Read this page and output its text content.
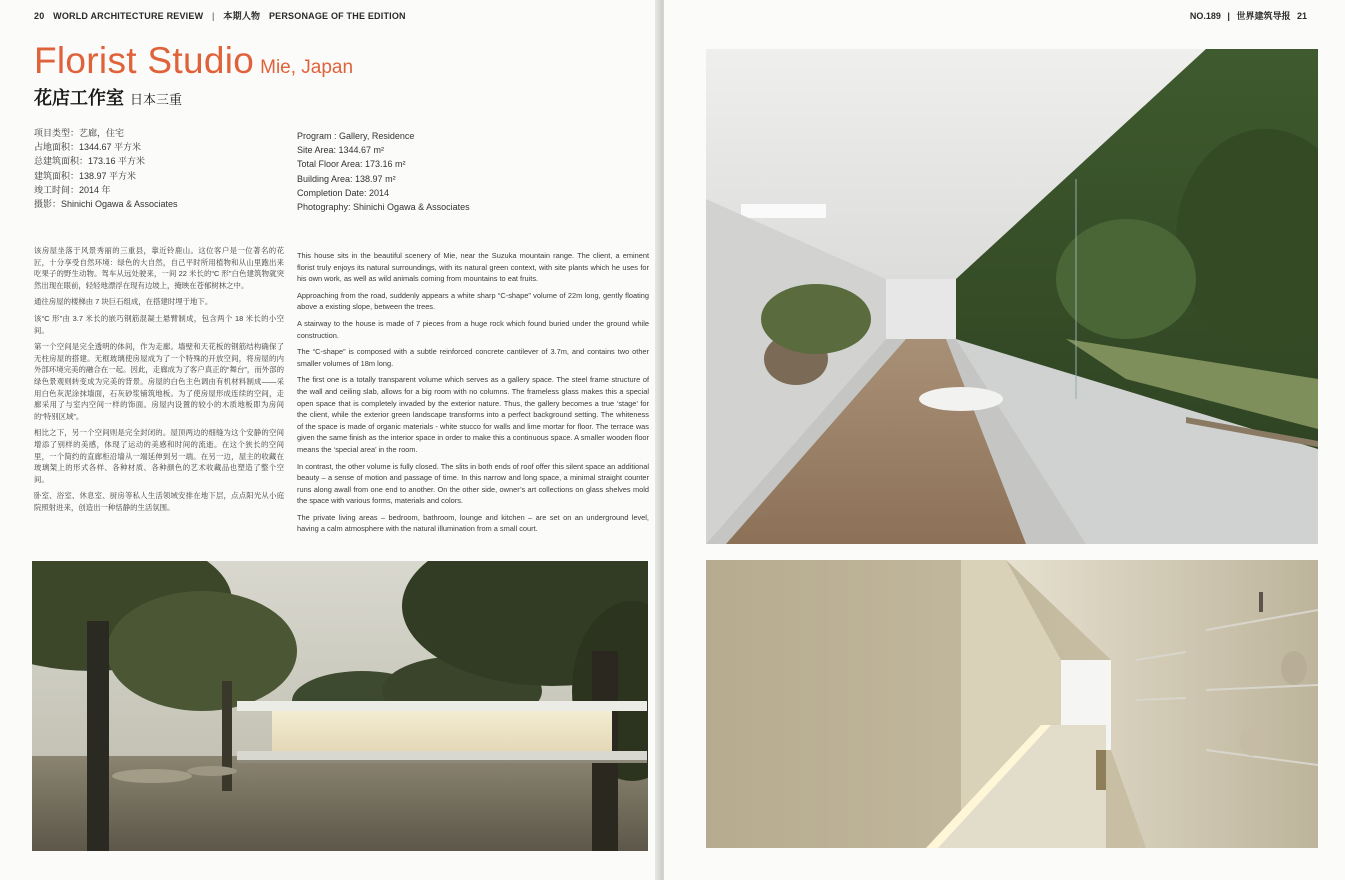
20 WORLD ARCHITECTURE REVIEW | 本期人物 PERSONAGE OF THE EDITION
Florist Studio Mie, Japan
花店工作室 日本三重
项目类型：艺廊，住宅
占地面积：1344.67 平方米
总建筑面积：173.16 平方米
建筑面积：138.97 平方米
竣工时间：2014 年
摄影：Shinichi Ogawa & Associates
Program : Gallery, Residence
Site Area: 1344.67 m²
Total Floor Area: 173.16 m²
Building Area: 138.97 m²
Completion Date: 2014
Photography: Shinichi Ogawa & Associates

该房屋坐落于风景秀丽的三重县，靠近铃鹿山。这位客户是一位著名的花匠，十分享受自然环境：绿色的大自然，自己平时所用植物和从山里跑出来吃果子的野生动物。驾车从远处驶来，一间 22 米长的“C 形”白色建筑物就突然出现在眼前，轻轻地漂浮在现有边坡上，掩映在苍郁树林之中。

通往房屋的楼梯由 7 块巨石组成，在搭建时埋于地下。

该“C 形”由 3.7 米长的嵌巧钢筋混凝土悬臂制成，包含两个 18 米长的小空间。

第一个空间是完全透明的体间，作为走廊。墙壁和天花板的钢筋结构确保了无柱房屋的搭建。无框玻璃使房屋成为了一个特殊的开放空间，将房屋的内外部环境完美的融合在一起。因此，走廊成为了客户真正的“舞台”，而外部的绿色景观则转变成为完美的背景。房屋的白色主色调由有机材料制成——采用白色灰泥涂抹墙面，石灰砂浆铺筑地板。为了使房屋形成连续的空间，走廊采用了与室内空间一样的饰面。房屋内设置的较小的木质地板即为房间的“特别区域”。

相比之下，另一个空间则是完全封闭的。屋顶两边的细缝为这个安静的空间增添了别样的美感，体现了运动的美感和时间的流逝。在这个狭长的空间里，一个简约的直廊柜沿墙从一端延伸到另一端。在另一边，屋主的收藏在玻璃架上的形式各样、各种材质、各种颜色的艺术收藏品也塑造了整个空间。

卧室、浴室、休息室、厨房等私人生活领域安排在地下层，点点阳光从小庭院照射进来，创造出一种恬静的生活氛围。

This house sits in the beautiful scenery of Mie, near the Suzuka mountain range. The client, a eminent florist truly enjoys its natural surroundings, with its natural green context, with site plants which he uses for his own work, as well as wild animals coming from mountains to eat fruits.

Approaching from the road, suddenly appears a white sharp “C-shape” volume of 22m long, gently floating above a existing slope, between the trees.

A stairway to the house is made of 7 pieces from a huge rock which found buried under the ground while construction.

The “C-shape” is composed with a subtle reinforced concrete cantilever of 3.7m, and contains two other smaller volumes of 18m long.

The first one is a totally transparent volume which serves as a gallery space. The steel frame structure of the wall and ceiling slab, allows for a big room with no columns. The frameless glass makes this a special open space that is completely invaded by the exterior nature. Thus, the gallery becomes a true ‘stage’ for the client, while the exterior green landscape transforms into a perfect background setting. The whiteness of the space is made of organic materials - white stucco for walls and lime mortar for floor. The terrace was given the same finish as the interior space in order to make this a continuous space. A smaller wooden floor means the ‘special area’ in the room.

In contrast, the other volume is fully closed. The slits in both ends of roof offer this silent space an additional beauty – a sense of motion and passage of time. In this narrow and long space, a minimal straight counter runs along awall from one end to another. On the other side, owner’s art collections on glass shelves mold the space with various forms, materials and colors.

The private living areas – bedroom, bathroom, lounge and kitchen – are set on an underground level, having a calm atmosphere with the natural illumination from a small court.

NO.189 | 世界建筑导报 21
